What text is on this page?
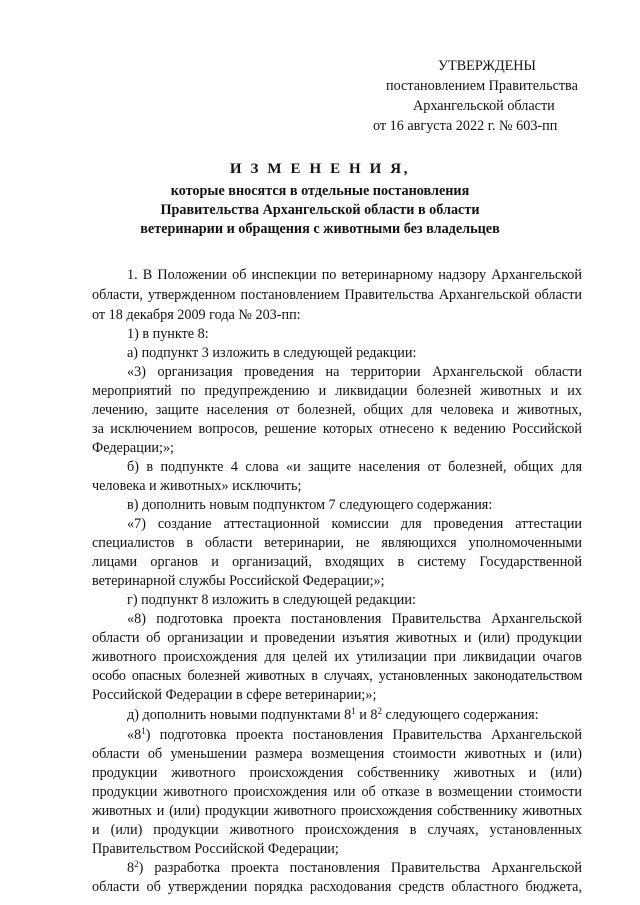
УТВЕРЖДЕНЫ
постановлением Правительства
Архангельской области
от 16 августа 2022 г. № 603-пп
И З М Е Н Е Н И Я,
которые вносятся в отдельные постановления
Правительства Архангельской области в области
ветеринарии и обращения с животными без владельцев
1. В Положении об инспекции по ветеринарному надзору Архангельской
области, утвержденном постановлением Правительства Архангельской области
от 18 декабря 2009 года № 203-пп:
1) в пункте 8:
а) подпункт 3 изложить в следующей редакции:
«3) организация проведения на территории Архангельской области
мероприятий по предупреждению и ликвидации болезней животных и их
лечению, защите населения от болезней, общих для человека и животных,
за исключением вопросов, решение которых отнесено к ведению Российской
Федерации;»;
б) в подпункте 4 слова «и защите населения от болезней, общих для
человека и животных» исключить;
в) дополнить новым подпунктом 7 следующего содержания:
«7) создание аттестационной комиссии для проведения аттестации
специалистов в области ветеринарии, не являющихся уполномоченными
лицами органов и организаций, входящих в систему Государственной
ветеринарной службы Российской Федерации;»;
г) подпункт 8 изложить в следующей редакции:
«8) подготовка проекта постановления Правительства Архангельской
области об организации и проведении изъятия животных и (или) продукции
животного происхождения для целей их утилизации при ликвидации очагов
особо опасных болезней животных в случаях, установленных законодательством
Российской Федерации в сфере ветеринарии;»;
д) дополнить новыми подпунктами $8^1$ и $8^2$ следующего содержания:
«$8^1$) подготовка проекта постановления Правительства Архангельской
области об уменьшении размера возмещения стоимости животных и (или)
продукции животного происхождения собственнику животных и (или)
продукции животного происхождения или об отказе в возмещении стоимости
животных и (или) продукции животного происхождения собственнику животных
и (или) продукции животного происхождения в случаях, установленных
Правительством Российской Федерации;
$8^2$) разработка проекта постановления Правительства Архангельской
области об утверждении порядка расходования средств областного бюджета,
